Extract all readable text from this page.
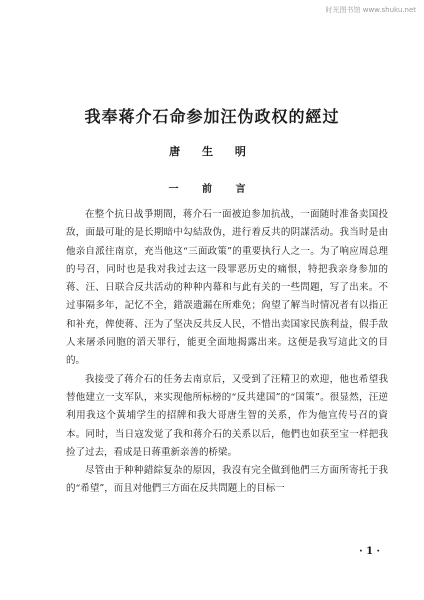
时光图书馆 www.shuku.net
我奉蒋介石命参加汪伪政权的經过
唐 生 明
一 前 言

在整个抗日战爭期間，蒋介石一面被迫参加抗战，一面随时准备卖国投敌，面最可耻的是长期暗中勾結敌伪，进行着反共的阴謀活动。我当时是由他亲自派往南京，充当他这“三面政策”的重要执行人之一。为了响应周总理的号召，同时也是我对我过去这一段罪恶历史的痛恨，特把我亲身参加的蒋、汪、日联合反共活动的种种内幕和与此有关的一些問題，写了出来。不过事隔多年，記忆不全，錯誤遗漏在所难免；尙望了解当时情况者有以指正和补充，俾使蒋、汪为了坚决反共反人民，不惜出卖国家民族利益，假手敌人来屠杀同胞的滔天罪行，能更全面地揭露出来。这便是我写這此文的目的。

我接受了蒋介石的任务去南京后，又受到了汪精卫的欢迎，他也希望我替他建立一支军队，来实现他所标榜的“反共建国”的“国策”。很显然，汪逆利用我这个黃埔学生的招牌和我大哥唐生智的关系，作为他宣传号召的資本。同时，当日寇发觉了我和蒋介石的关系以后，他們也如获至宝一样把我捡了过去，看成是日蒋重新亲善的桥梁。

尽管由于种种錯綜复杂的原因，我沒有完全做到他們三方面所寄托于我的“希望”，而且对他們三方面在反共問題上的目标一

· 1 ·
